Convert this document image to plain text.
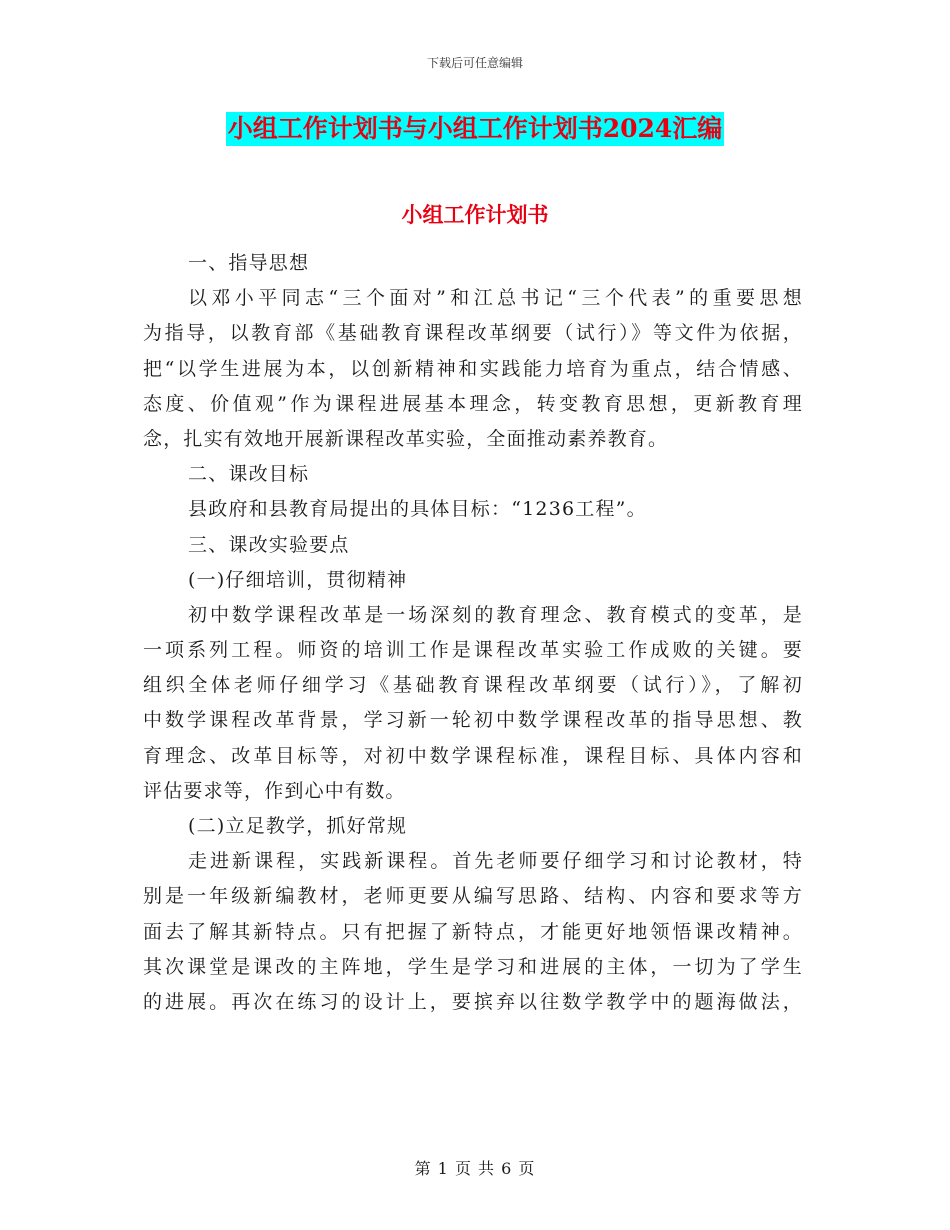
下载后可任意编辑
小组工作计划书与小组工作计划书2024汇编
小组工作计划书
一、指导思想
以邓小平同志“三个面对”和江总书记“三个代表”的重要思想
为指导，以教育部《基础教育课程改革纲要（试行）》等文件为依据，
把“以学生进展为本，以创新精神和实践能力培育为重点，结合情感、
态度、价值观”作为课程进展基本理念，转变教育思想，更新教育理
念，扎实有效地开展新课程改革实验，全面推动素养教育。
二、课改目标
县政府和县教育局提出的具体目标：“1236工程”。
三、课改实验要点
(一)仔细培训，贯彻精神
初中数学课程改革是一场深刻的教育理念、教育模式的变革，是
一项系列工程。师资的培训工作是课程改革实验工作成败的关键。要
组织全体老师仔细学习《基础教育课程改革纲要（试行）》，了解初
中数学课程改革背景，学习新一轮初中数学课程改革的指导思想、教
育理念、改革目标等，对初中数学课程标准，课程目标、具体内容和
评估要求等，作到心中有数。
(二)立足教学，抓好常规
走进新课程，实践新课程。首先老师要仔细学习和讨论教材，特
别是一年级新编教材，老师更要从编写思路、结构、内容和要求等方
面去了解其新特点。只有把握了新特点，才能更好地领悟课改精神。
其次课堂是课改的主阵地，学生是学习和进展的主体，一切为了学生
的进展。再次在练习的设计上，要摈弃以往数学教学中的题海做法，
第 1 页 共 6 页
